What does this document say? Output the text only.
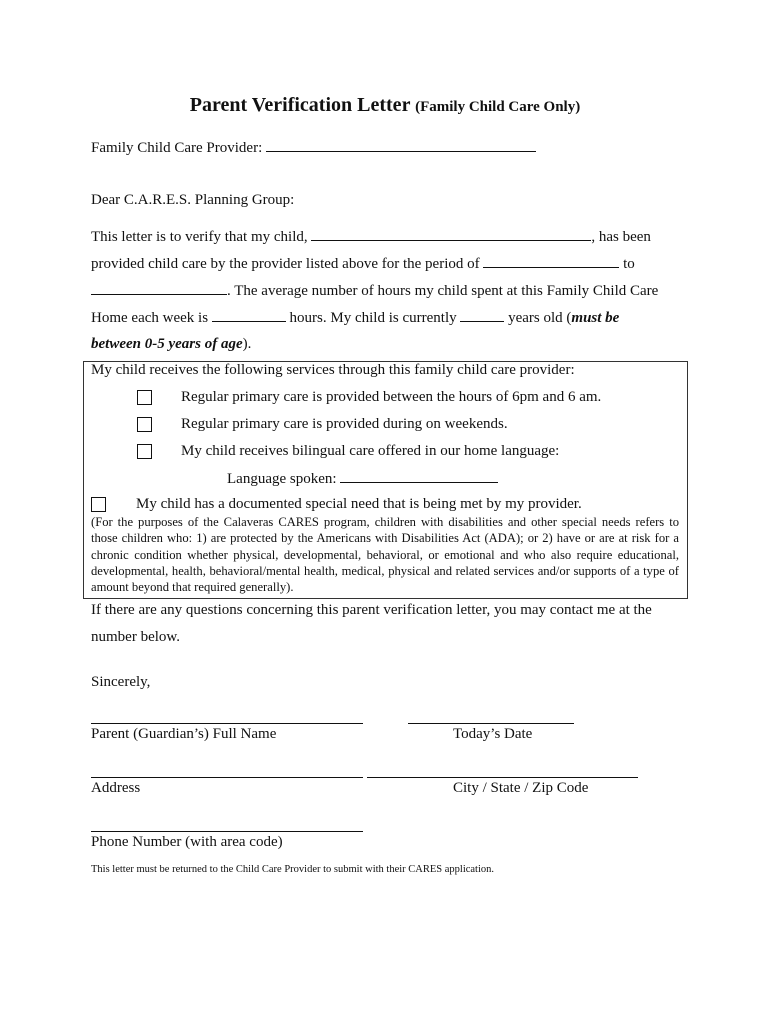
Parent Verification Letter (Family Child Care Only)
Family Child Care Provider:
Dear C.A.R.E.S. Planning Group:
This letter is to verify that my child,	, has been
provided child care by the provider listed above for the period of	to
. The average number of hours my child spent at this Family Child Care
Home each week is	hours. My child is currently	years old (must be
between 0-5 years of age).
My child receives the following services through this family child care provider:
Regular primary care is provided between the hours of 6pm and 6 am.
Regular primary care is provided during on weekends.
My child receives bilingual care offered in our home language:
Language spoken:
My child has a documented special need that is being met by my provider.
(For the purposes of the Calaveras CARES program, children with disabilities and other special needs refers to those children who: 1) are protected by the Americans with Disabilities Act (ADA); or 2) have or are at risk for a chronic condition whether physical, developmental, behavioral, or emotional and who also require educational, developmental, health, behavioral/mental health, medical, physical and related services and/or supports of a type of amount beyond that required generally).
If there are any questions concerning this parent verification letter, you may contact me at the
number below.
Sincerely,
Parent (Guardian’s) Full Name	Today’s Date
Address	City / State / Zip Code
Phone Number (with area code)
This letter must be returned to the Child Care Provider to submit with their CARES application.
